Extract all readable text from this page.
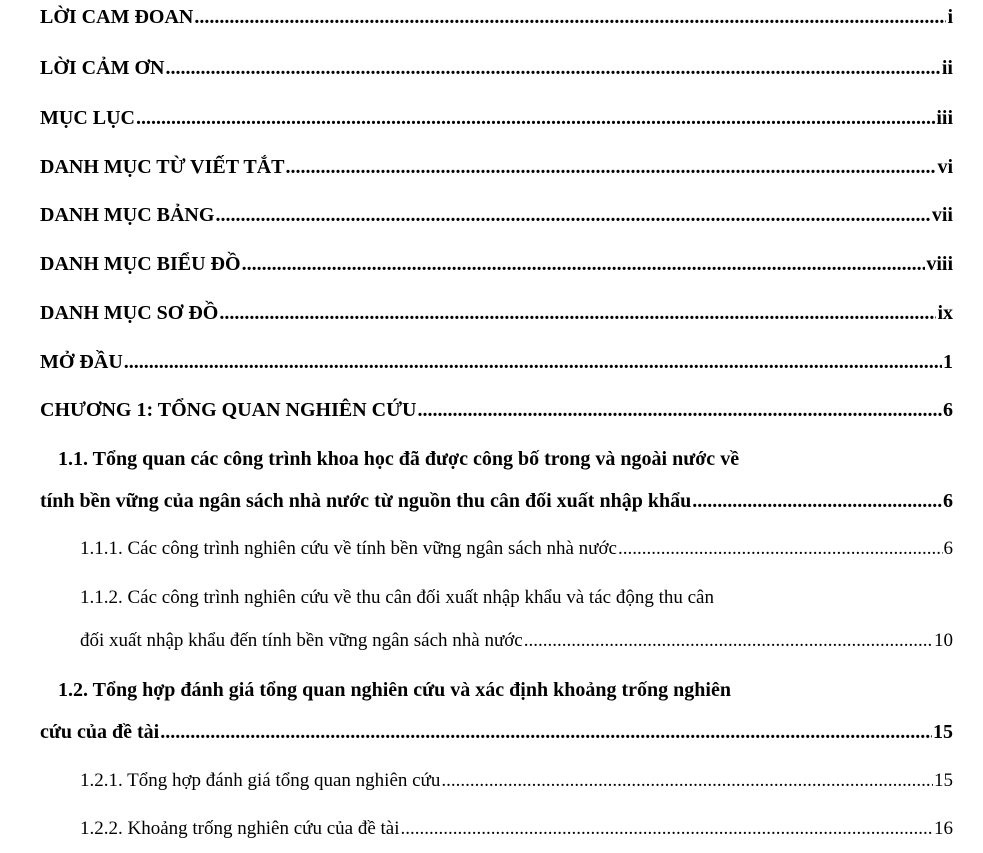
LỜI CAM ĐOAN .....	i
LỜI CẢM ƠN .....	ii
MỤC LỤC .....	iii
DANH MỤC TỪ VIẾT TẮT .....	vi
DANH MỤC BẢNG .....	vii
DANH MỤC BIỂU ĐỒ .....	viii
DANH MỤC SƠ ĐỒ .....	ix
MỞ ĐẦU .....	1
CHƯƠNG 1: TỔNG QUAN NGHIÊN CỨU .....	6
1.1. Tổng quan các công trình khoa học đã được công bố trong và ngoài nước về
tính bền vững của ngân sách nhà nước từ nguồn thu cân đối xuất nhập khẩu .....	6
1.1.1. Các công trình nghiên cứu về tính bền vững ngân sách nhà nước .....	6
1.1.2. Các công trình nghiên cứu về thu cân đối xuất nhập khẩu và tác động thu cân
đối xuất nhập khẩu đến tính bền vững ngân sách nhà nước .....	10
1.2. Tổng hợp đánh giá tổng quan nghiên cứu và xác định khoảng trống nghiên
cứu của đề tài .....	15
1.2.1. Tổng hợp đánh giá tổng quan nghiên cứu .....	15
1.2.2. Khoảng trống nghiên cứu của đề tài .....	16
